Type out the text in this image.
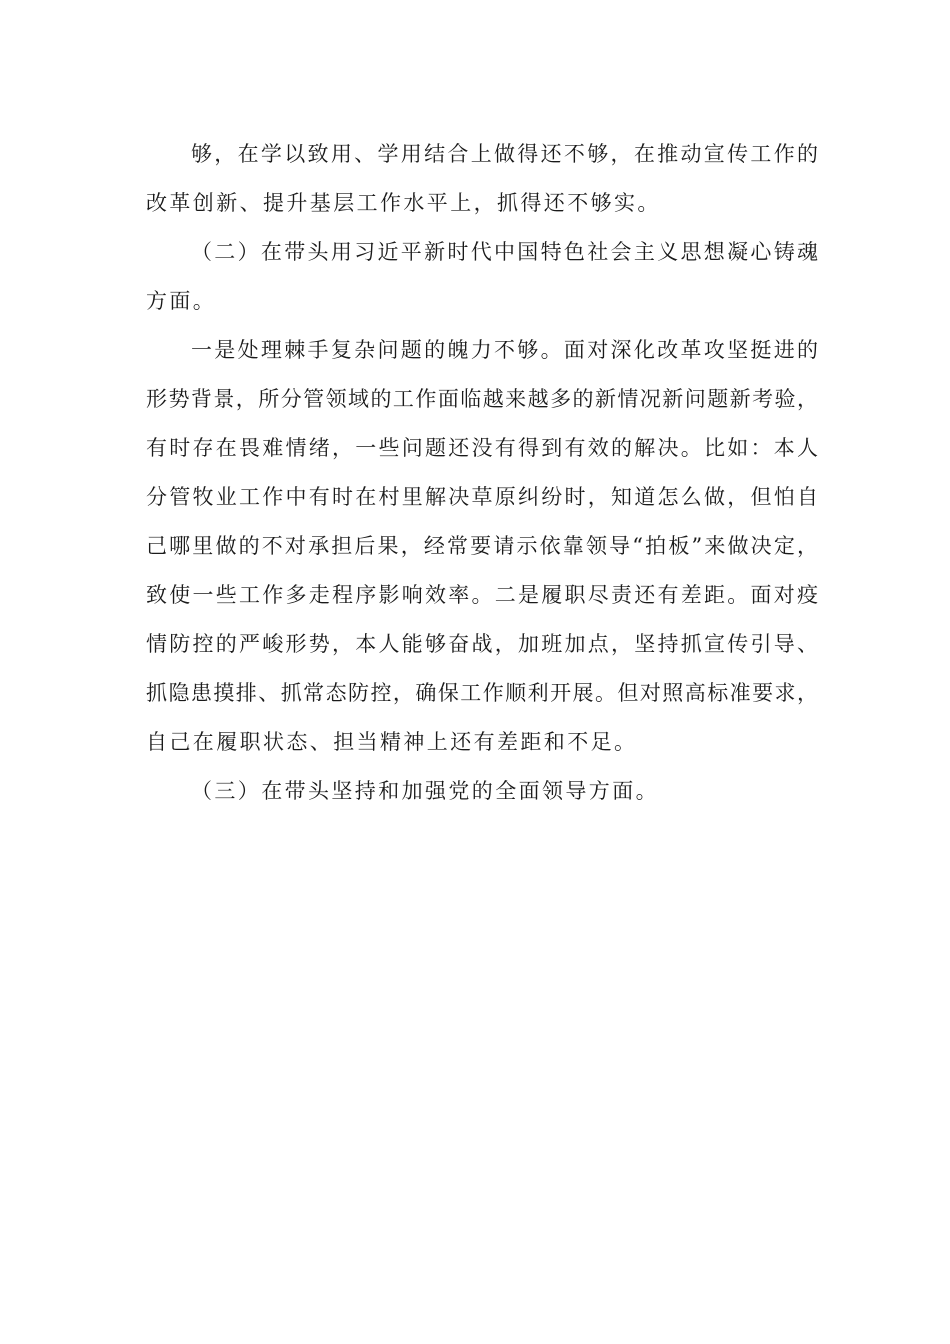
够，在学以致用、学用结合上做得还不够，在推动宣传工作的
改革创新、提升基层工作水平上，抓得还不够实。
（二）在带头用习近平新时代中国特色社会主义思想凝心铸魂
方面。
一是处理棘手复杂问题的魄力不够。面对深化改革攻坚挺进的
形势背景，所分管领域的工作面临越来越多的新情况新问题新考验，
有时存在畏难情绪，一些问题还没有得到有效的解决。比如：本人
分管牧业工作中有时在村里解决草原纠纷时，知道怎么做，但怕自
己哪里做的不对承担后果，经常要请示依靠领导“拍板”来做决定，
致使一些工作多走程序影响效率。二是履职尽责还有差距。面对疫
情防控的严峻形势，本人能够奋战，加班加点，坚持抓宣传引导、
抓隐患摸排、抓常态防控，确保工作顺利开展。但对照高标准要求，
自己在履职状态、担当精神上还有差距和不足。
（三）在带头坚持和加强党的全面领导方面。
